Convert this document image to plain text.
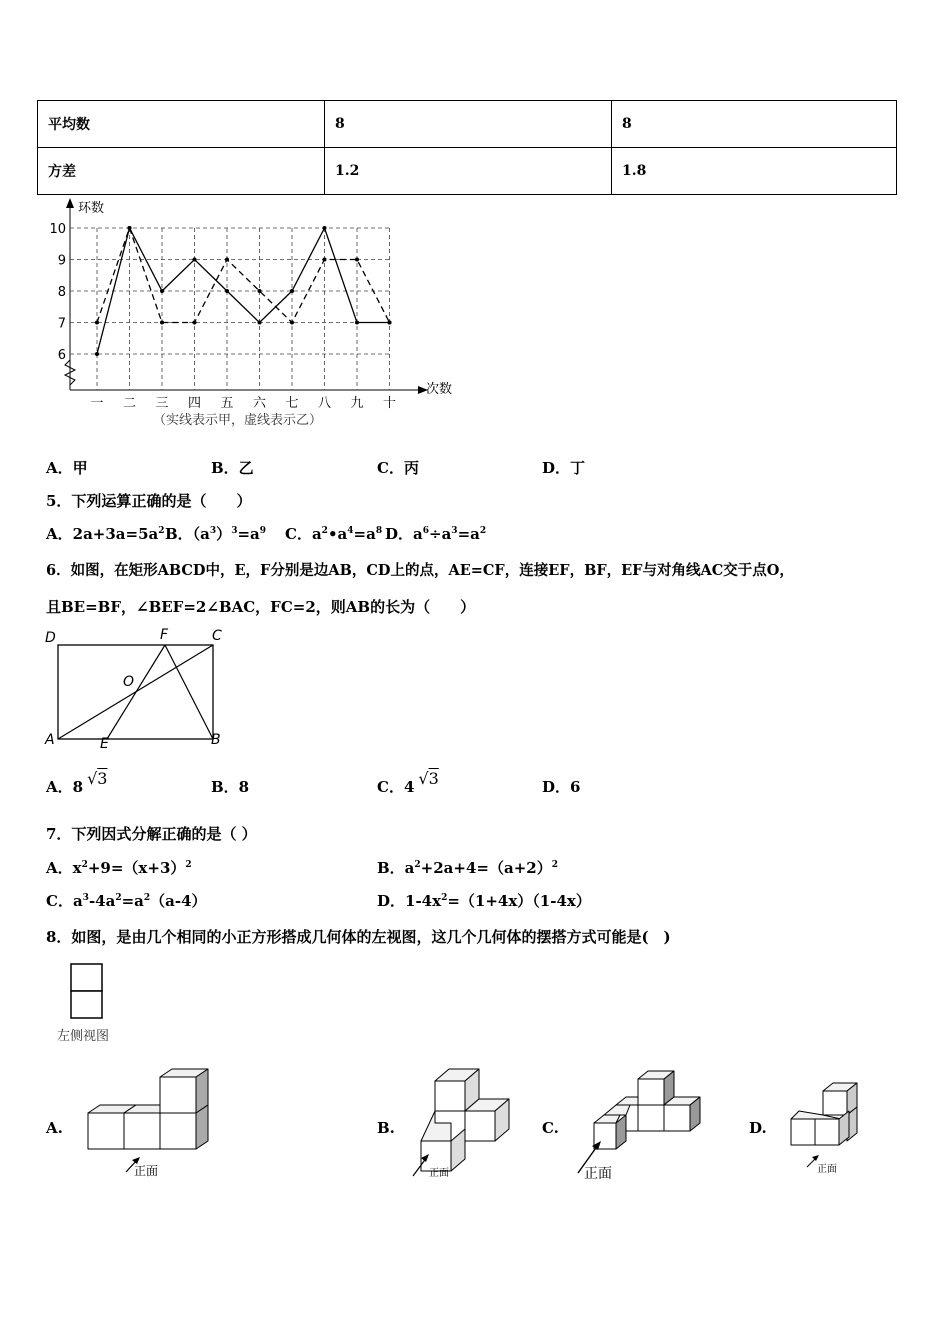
平均数	8	8
方差	1.2	1.8
环数
次数
6
7
8
9
10
一 二 三 四 五 六 七 八 九 十
（实线表示甲，虚线表示乙）
A．甲	B．乙	C．丙	D．丁
5．下列运算正确的是（　　）
A．$2a+3a=5a^2$ B．$(a^3)^3=a^9$ C．$a^2•a^4=a^8$ D．$a^6\div a^3=a^2$
6．如图，在矩形ABCD中，E，F分别是边AB，CD上的点，AE=CF，连接EF，BF，EF与对角线AC交于点O，
且BE=BF，∠BEF=2∠BAC，FC=2，则AB的长为（　　）
D	F	C
O
A	E	B
A．8 √3	B．8	C．4 √3	D．6
7．下列因式分解正确的是（ ）
A．$x^2+9=(x+3)^2$	B．$a^2+2a+4=(a+2)^2$
C．$a^3-4a^2=a^2(a-4)$	D．$1-4x^2=(1+4x)(1-4x)$
8．如图，是由几个相同的小正方形搭成几何体的左视图，这几个几何体的摆搭方式可能是(　)
左侧视图
A.	B.	C.	D.
正面	正面	正面	正面
